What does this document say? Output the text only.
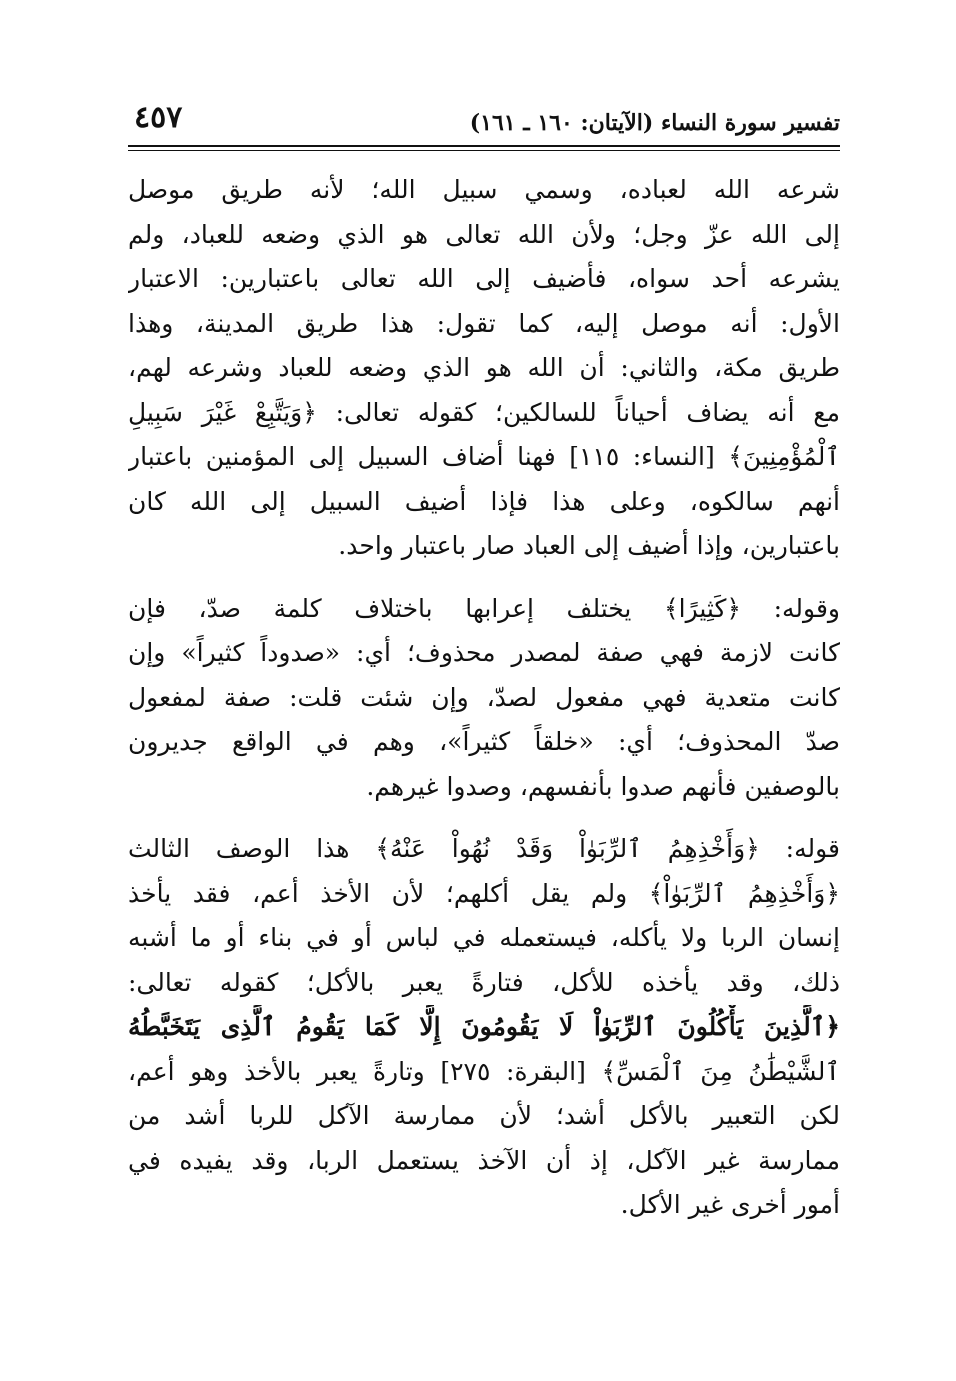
تفسير سورة النساء (الآيتان: ١٦٠ ـ ١٦١)
٤٥٧
شرعه الله لعباده، وسمي سبيل الله؛ لأنه طريق موصل
إلى الله عزّ وجل؛ ولأن الله تعالى هو الذي وضعه للعباد، ولم
يشرعه أحد سواه، فأضيف إلى الله تعالى باعتبارين: الاعتبار
الأول: أنه موصل إليه، كما تقول: هذا طريق المدينة، وهذا
طريق مكة، والثاني: أن الله هو الذي وضعه للعباد وشرعه لهم،
مع أنه يضاف أحياناً للسالكين؛ كقوله تعالى: ﴿وَيَتَّبِعْ غَيْرَ سَبِيلِ
ٱلْمُؤْمِنِينَ﴾ [النساء: ١١٥] فهنا أضاف السبيل إلى المؤمنين باعتبار
أنهم سالكوه، وعلى هذا فإذا أضيف السبيل إلى الله كان
باعتبارين، وإذا أضيف إلى العباد صار باعتبار واحد.
وقوله: ﴿كَثِيرًا﴾ يختلف إعرابها باختلاف كلمة صدّ، فإن
كانت لازمة فهي صفة لمصدر محذوف؛ أي: «صدوداً كثيراً» وإن
كانت متعدية فهي مفعول لصدّ، وإن شئت قلت: صفة لمفعول
صدّ المحذوف؛ أي: «خلقاً كثيراً»، وهم في الواقع جديرون
بالوصفين فأنهم صدوا بأنفسهم، وصدوا غيرهم.
قوله: ﴿وَأَخْذِهِمُ ٱلرِّبَوٰاْ وَقَدْ نُهُواْ عَنْهُ﴾ هذا الوصف الثالث
﴿وَأَخْذِهِمُ ٱلرِّبَوٰاْ﴾ ولم يقل أكلهم؛ لأن الأخذ أعم، فقد يأخذ
إنسان الربا ولا يأكله، فيستعمله في لباس أو في بناء أو ما أشبه
ذلك، وقد يأخذه للأكل، فتارةً يعبر بالأكل؛ كقوله تعالى:
﴿ٱلَّذِينَ يَأْكُلُونَ ٱلرِّبَوٰاْ لَا يَقُومُونَ إِلَّا كَمَا يَقُومُ ٱلَّذِى يَتَخَبَّطُهُ
ٱلشَّيْطَٰنُ مِنَ ٱلْمَسِّ﴾ [البقرة: ٢٧٥] وتارةً يعبر بالأخذ وهو أعم،
لكن التعبير بالأكل أشد؛ لأن ممارسة الآكل للربا أشد من
ممارسة غير الآكل، إذ أن الآخذ يستعمل الربا، وقد يفيده في
أمور أخرى غير الأكل.
